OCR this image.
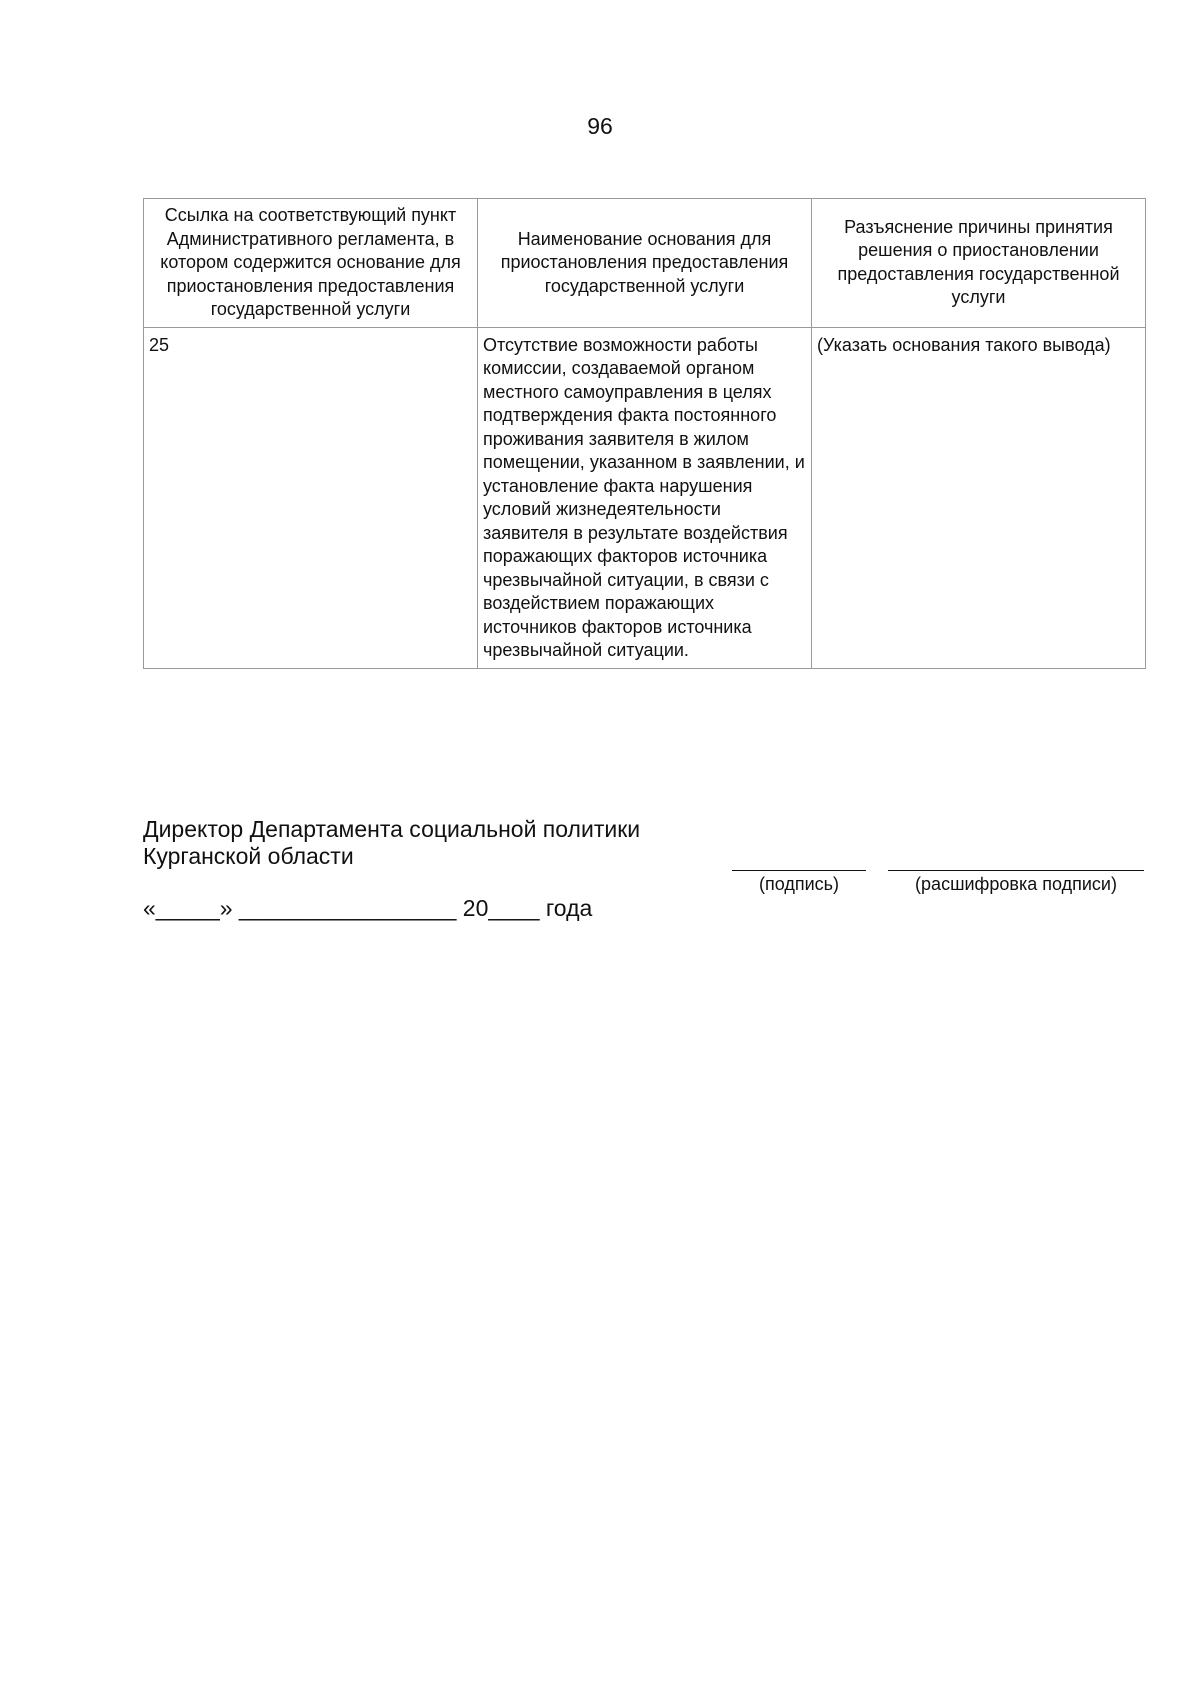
96
Ссылка на соответствующий пункт Административного регламента, в котором содержится основание для приостановления предоставления государственной услуги	Наименование основания для приостановления предоставления государственной услуги	Разъяснение причины принятия решения о приостановлении предоставления государственной услуги
25	Отсутствие возможности работы комиссии, создаваемой органом местного самоуправления в целях подтверждения факта постоянного проживания заявителя в жилом помещении, указанном в заявлении, и установление факта нарушения условий жизнедеятельности заявителя в результате воздействия поражающих факторов источника чрезвычайной ситуации, в связи с воздействием поражающих источников факторов источника чрезвычайной ситуации.	(Указать основания такого вывода)
Директор Департамента социальной политики
Курганской области
(подпись)	(расшифровка подписи)
«_____» _________________ 20____ года
